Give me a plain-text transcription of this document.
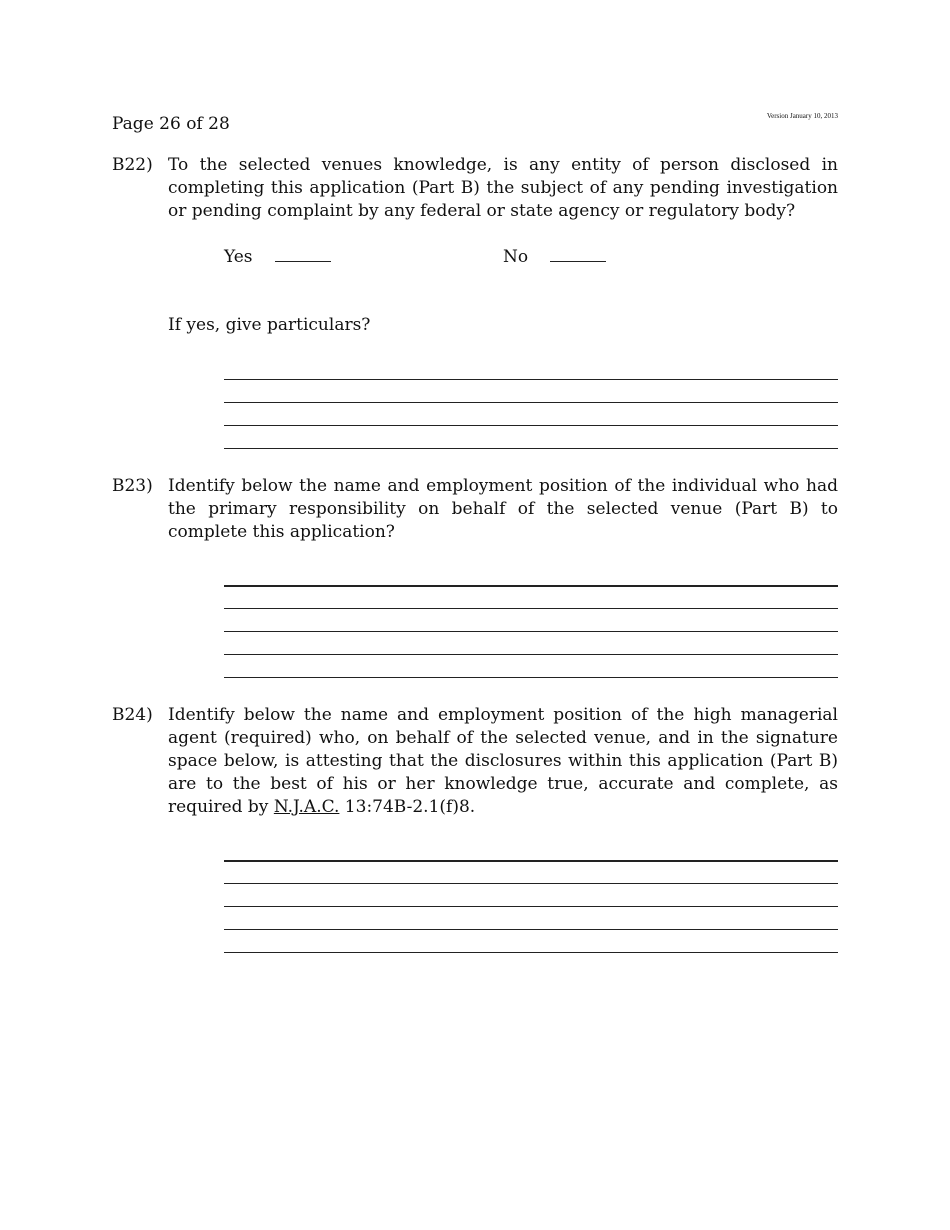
Page 26 of 28	Version January 10, 2013
B22) To the selected venues knowledge, is any entity of person disclosed in completing this application (Part B) the subject of any pending investigation or pending complaint by any federal or state agency or regulatory body?
Yes	No
If yes, give particulars?
B23) Identify below the name and employment position of the individual who had the primary responsibility on behalf of the selected venue (Part B) to complete this application?
B24) Identify below the name and employment position of the high managerial agent (required) who, on behalf of the selected venue, and in the signature space below, is attesting that the disclosures within this application (Part B) are to the best of his or her knowledge true, accurate and complete, as required by N.J.A.C. 13:74B-2.1(f)8.
